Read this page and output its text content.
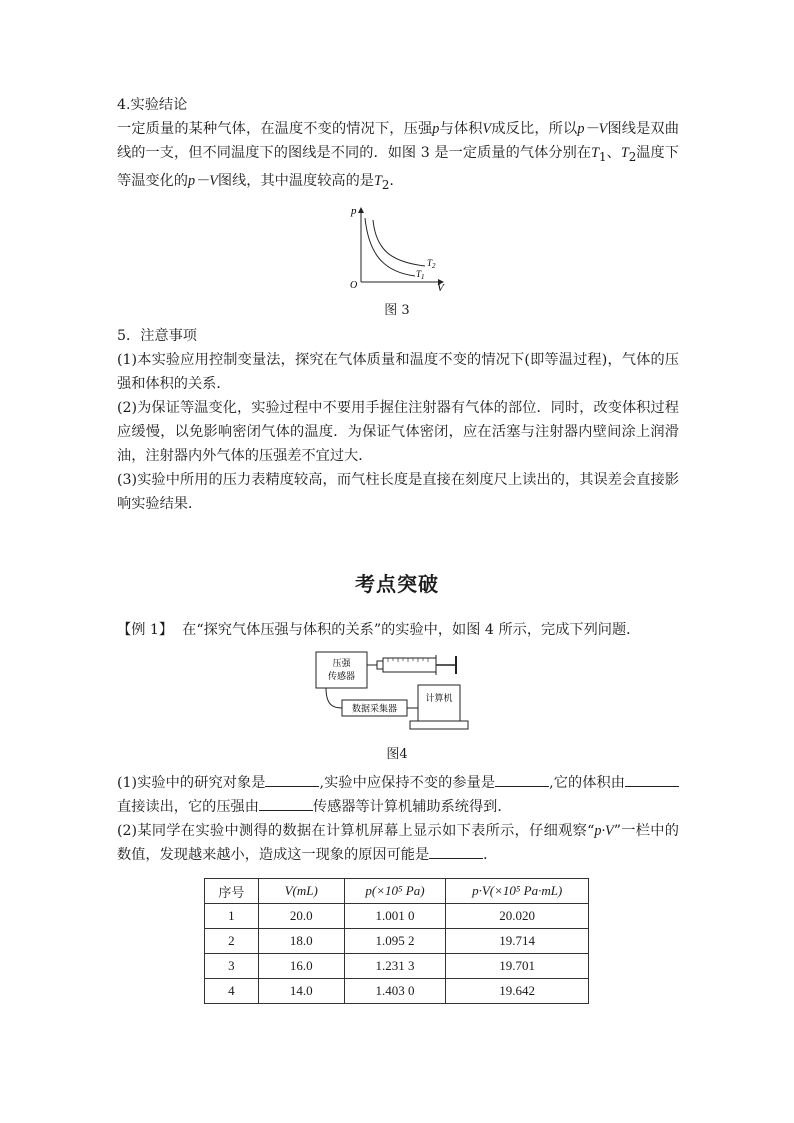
4.实验结论

一定质量的某种气体，在温度不变的情况下，压强p与体积V成反比，所以p－V图线是双曲线的一支，但不同温度下的图线是不同的．如图 3 是一定质量的气体分别在$T_1$、$T_2$温度下等温变化的p－V图线，其中温度较高的是$T_2$.

p
V
O
$T_1$
$T_2$
图 3

5．注意事项

(1)本实验应用控制变量法，探究在气体质量和温度不变的情况下(即等温过程)，气体的压强和体积的关系．

(2)为保证等温变化，实验过程中不要用手握住注射器有气体的部位．同时，改变体积过程应缓慢，以免影响密闭气体的温度．为保证气体密闭，应在活塞与注射器内壁间涂上润滑油，注射器内外气体的压强差不宜过大．

(3)实验中所用的压力表精度较高，而气柱长度是直接在刻度尺上读出的，其误差会直接影响实验结果．

考点突破

【例 1】 在“探究气体压强与体积的关系”的实验中，如图 4 所示，完成下列问题．

压强
传感器
数据采集器
计算机
图4

(1)实验中的研究对象是	,实验中应保持不变的参量是	,它的体积由直接读出，它的压强由	传感器等计算机辅助系统得到．

(2)某同学在实验中测得的数据在计算机屏幕上显示如下表所示，仔细观察“p·V”一栏中的数值，发现越来越小，造成这一现象的原因可能是	．

序号	V(mL)	p(×10⁵ Pa)	p·V(×10⁵ Pa·mL)
1	20.0	1.001 0	20.020
2	18.0	1.095 2	19.714
3	16.0	1.231 3	19.701
4	14.0	1.403 0	19.642
